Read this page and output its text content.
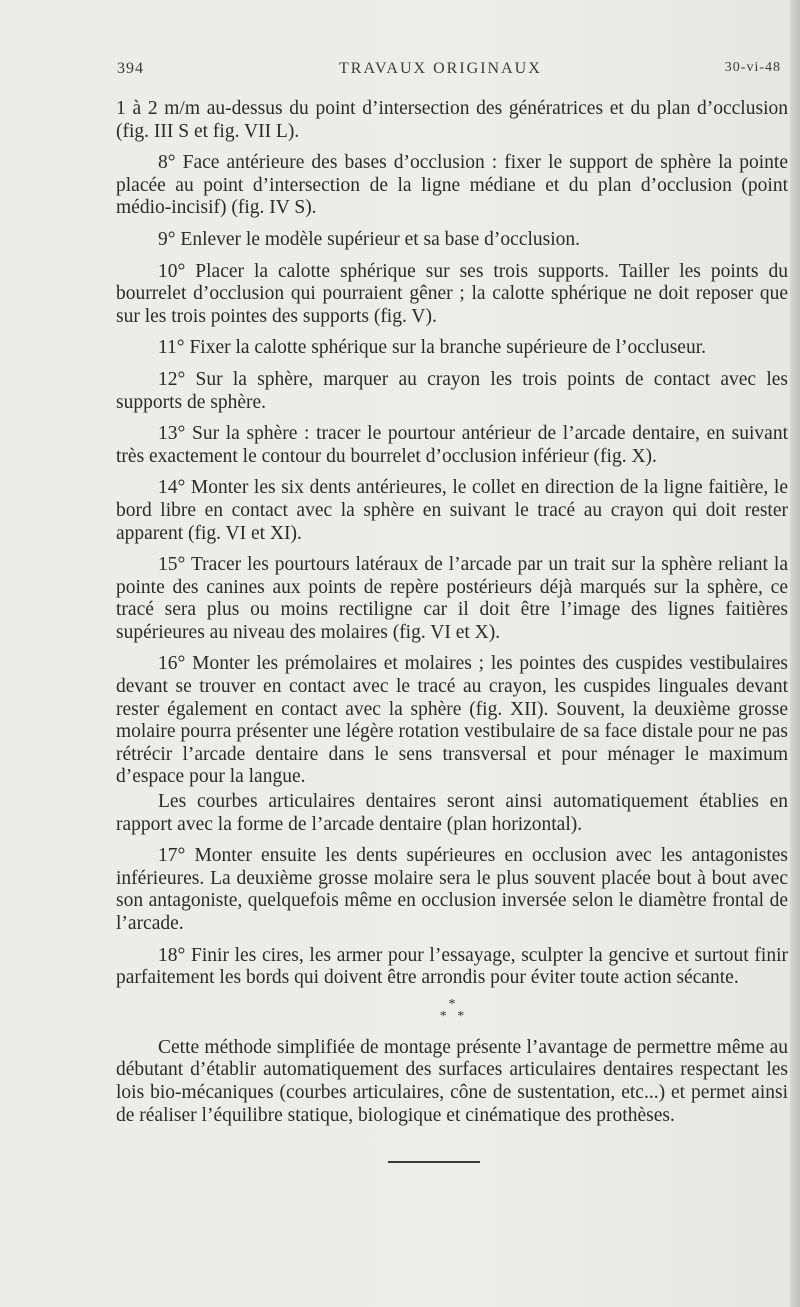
394	TRAVAUX ORIGINAUX	30-vi-48

1 à 2 m/m au-dessus du point d’intersection des génératrices et du plan d’occlusion (fig. III S et fig. VII L).

8° Face antérieure des bases d’occlusion : fixer le support de sphère la pointe placée au point d’intersection de la ligne médiane et du plan d’occlusion (point médio-incisif) (fig. IV S).

9° Enlever le modèle supérieur et sa base d’occlusion.

10° Placer la calotte sphérique sur ses trois supports. Tailler les points du bourrelet d’occlusion qui pourraient gêner ; la calotte sphérique ne doit reposer que sur les trois pointes des supports (fig. V).

11° Fixer la calotte sphérique sur la branche supérieure de l’occluseur.

12° Sur la sphère, marquer au crayon les trois points de contact avec les supports de sphère.

13° Sur la sphère : tracer le pourtour antérieur de l’arcade dentaire, en suivant très exactement le contour du bourrelet d’occlusion inférieur (fig. X).

14° Monter les six dents antérieures, le collet en direction de la ligne faitière, le bord libre en contact avec la sphère en suivant le tracé au crayon qui doit rester apparent (fig. VI et XI).

15° Tracer les pourtours latéraux de l’arcade par un trait sur la sphère reliant la pointe des canines aux points de repère postérieurs déjà marqués sur la sphère, ce tracé sera plus ou moins rectiligne car il doit être l’image des lignes faitières supérieures au niveau des molaires (fig. VI et X).

16° Monter les prémolaires et molaires ; les pointes des cuspides vestibulaires devant se trouver en contact avec le tracé au crayon, les cuspides linguales devant rester également en contact avec la sphère (fig. XII). Souvent, la deuxième grosse molaire pourra présenter une légère rotation vestibulaire de sa face distale pour ne pas rétrécir l’arcade dentaire dans le sens transversal et pour ménager le maximum d’espace pour la langue.

Les courbes articulaires dentaires seront ainsi automatiquement établies en rapport avec la forme de l’arcade dentaire (plan horizontal).

17° Monter ensuite les dents supérieures en occlusion avec les antagonistes inférieures. La deuxième grosse molaire sera le plus souvent placée bout à bout avec son antagoniste, quelquefois même en occlusion inversée selon le diamètre frontal de l’arcade.

18° Finir les cires, les armer pour l’essayage, sculpter la gencive et surtout finir parfaitement les bords qui doivent être arrondis pour éviter toute action sécante.

*
*   *

Cette méthode simplifiée de montage présente l’avantage de permettre même au débutant d’établir automatiquement des surfaces articulaires dentaires respectant les lois bio-mécaniques (courbes articulaires, cône de sustentation, etc...) et permet ainsi de réaliser l’équilibre statique, biologique et cinématique des prothèses.
